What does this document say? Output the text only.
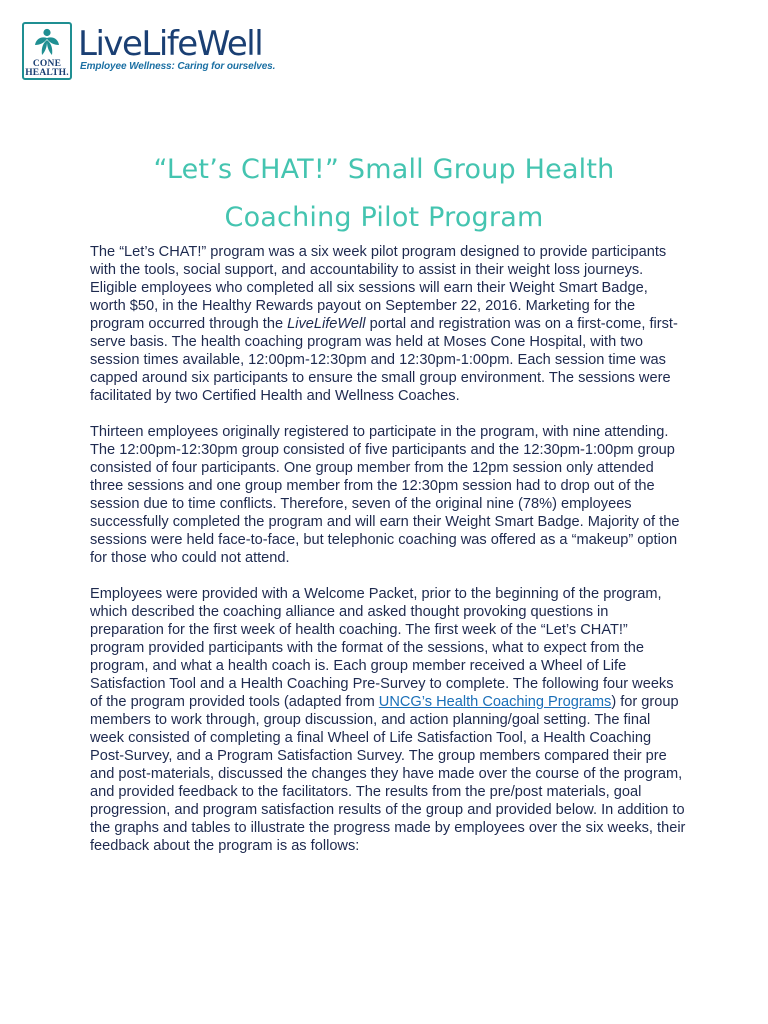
CONE
HEALTH.
LiveLifeWell
Employee Wellness: Caring for ourselves.
“Let’s CHAT!” Small Group Health
Coaching Pilot Program

The “Let’s CHAT!” program was a six week pilot program designed to provide participants with the tools, social support, and accountability to assist in their weight loss journeys. Eligible employees who completed all six sessions will earn their Weight Smart Badge, worth $50, in the Healthy Rewards payout on September 22, 2016. Marketing for the program occurred through the LiveLifeWell portal and registration was on a first-come, first-serve basis. The health coaching program was held at Moses Cone Hospital, with two session times available, 12:00pm-12:30pm and 12:30pm-1:00pm. Each session time was capped around six participants to ensure the small group environment. The sessions were facilitated by two Certified Health and Wellness Coaches.

Thirteen employees originally registered to participate in the program, with nine attending. The 12:00pm-12:30pm group consisted of five participants and the 12:30pm-1:00pm group consisted of four participants. One group member from the 12pm session only attended three sessions and one group member from the 12:30pm session had to drop out of the session due to time conflicts. Therefore, seven of the original nine (78%) employees successfully completed the program and will earn their Weight Smart Badge. Majority of the sessions were held face-to-face, but telephonic coaching was offered as a “makeup” option for those who could not attend.

Employees were provided with a Welcome Packet, prior to the beginning of the program, which described the coaching alliance and asked thought provoking questions in preparation for the first week of health coaching. The first week of the “Let’s CHAT!” program provided participants with the format of the sessions, what to expect from the program, and what a health coach is. Each group member received a Wheel of Life Satisfaction Tool and a Health Coaching Pre-Survey to complete. The following four weeks of the program provided tools (adapted from UNCG’s Health Coaching Programs) for group members to work through, group discussion, and action planning/goal setting. The final week consisted of completing a final Wheel of Life Satisfaction Tool, a Health Coaching Post-Survey, and a Program Satisfaction Survey. The group members compared their pre and post-materials, discussed the changes they have made over the course of the program, and provided feedback to the facilitators. The results from the pre/post materials, goal progression, and program satisfaction results of the group and provided below. In addition to the graphs and tables to illustrate the progress made by employees over the six weeks, their feedback about the program is as follows:
